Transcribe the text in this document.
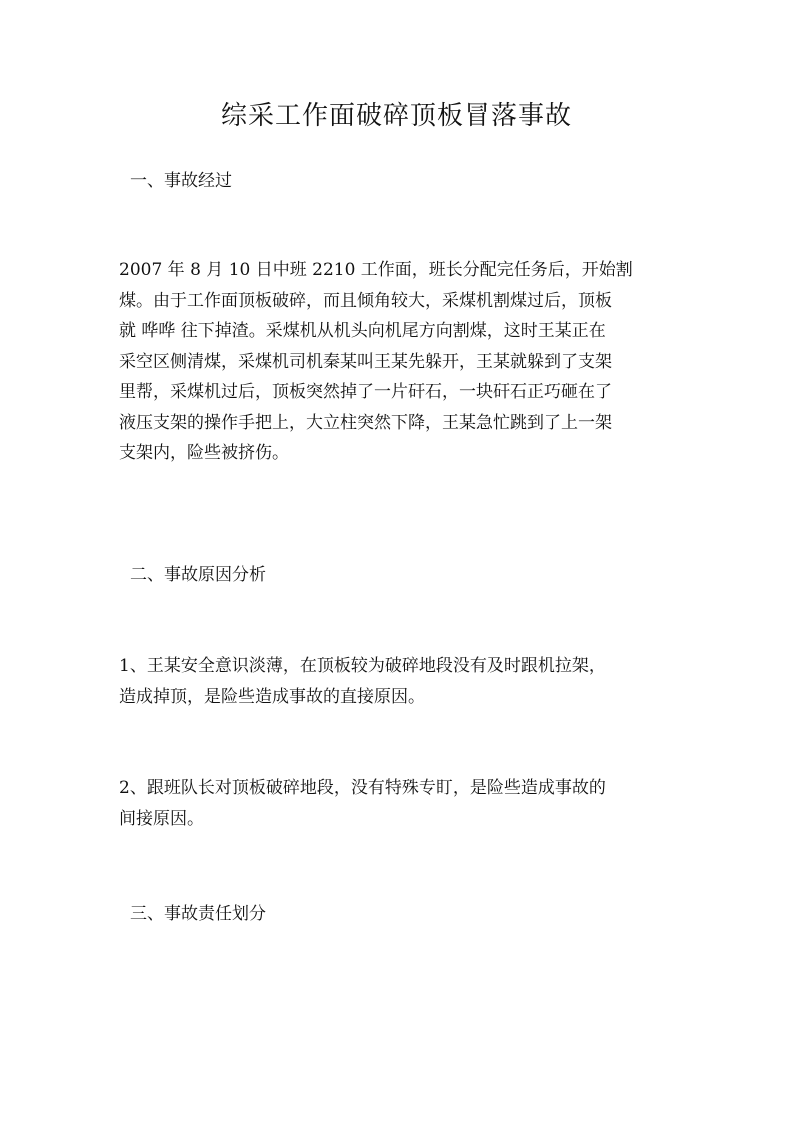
综采工作面破碎顶板冒落事故

一、事故经过

2007 年 8 月 10 日中班 2210 工作面，班长分配完任务后，开始割
煤。由于工作面顶板破碎，而且倾角较大，采煤机割煤过后，顶板
就 哗哗 往下掉渣。采煤机从机头向机尾方向割煤，这时王某正在
采空区侧清煤，采煤机司机秦某叫王某先躲开，王某就躲到了支架
里帮，采煤机过后，顶板突然掉了一片矸石，一块矸石正巧砸在了
液压支架的操作手把上，大立柱突然下降，王某急忙跳到了上一架
支架内，险些被挤伤。

二、事故原因分析

1、王某安全意识淡薄，在顶板较为破碎地段没有及时跟机拉架，
造成掉顶，是险些造成事故的直接原因。
2、跟班队长对顶板破碎地段，没有特殊专盯，是险些造成事故的
间接原因。

三、事故责任划分
